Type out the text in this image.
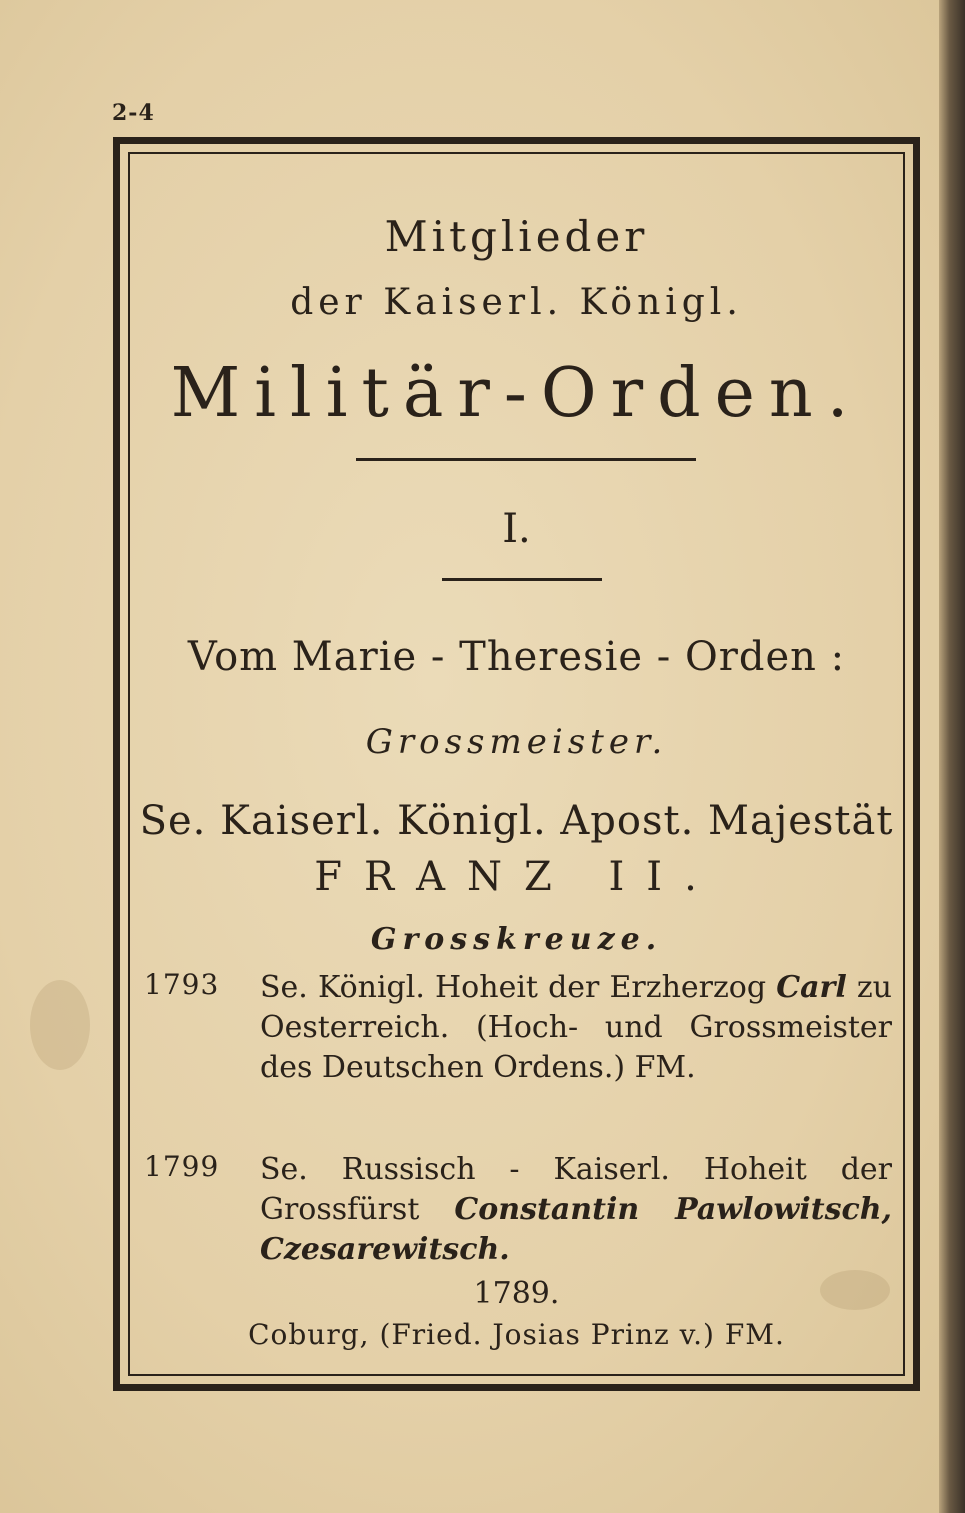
2-4
Mitglieder
der Kaiserl. Königl.
Militär-Orden.
I.
Vom Marie - Theresie - Orden :
Grossmeister.
Se. Kaiserl. Königl. Apost. Majestät
FRANZ II.
Grosskreuze.
1793 Se. Königl. Hoheit der Erzherzog Carl zu Oesterreich. (Hoch- und Grossmeister des Deutschen Ordens.) FM.
1799 Se. Russisch - Kaiserl. Hoheit der Grossfürst Constantin Pawlowitsch, Czesarewitsch.
1789.
Coburg, (Fried. Josias Prinz v.) FM.
